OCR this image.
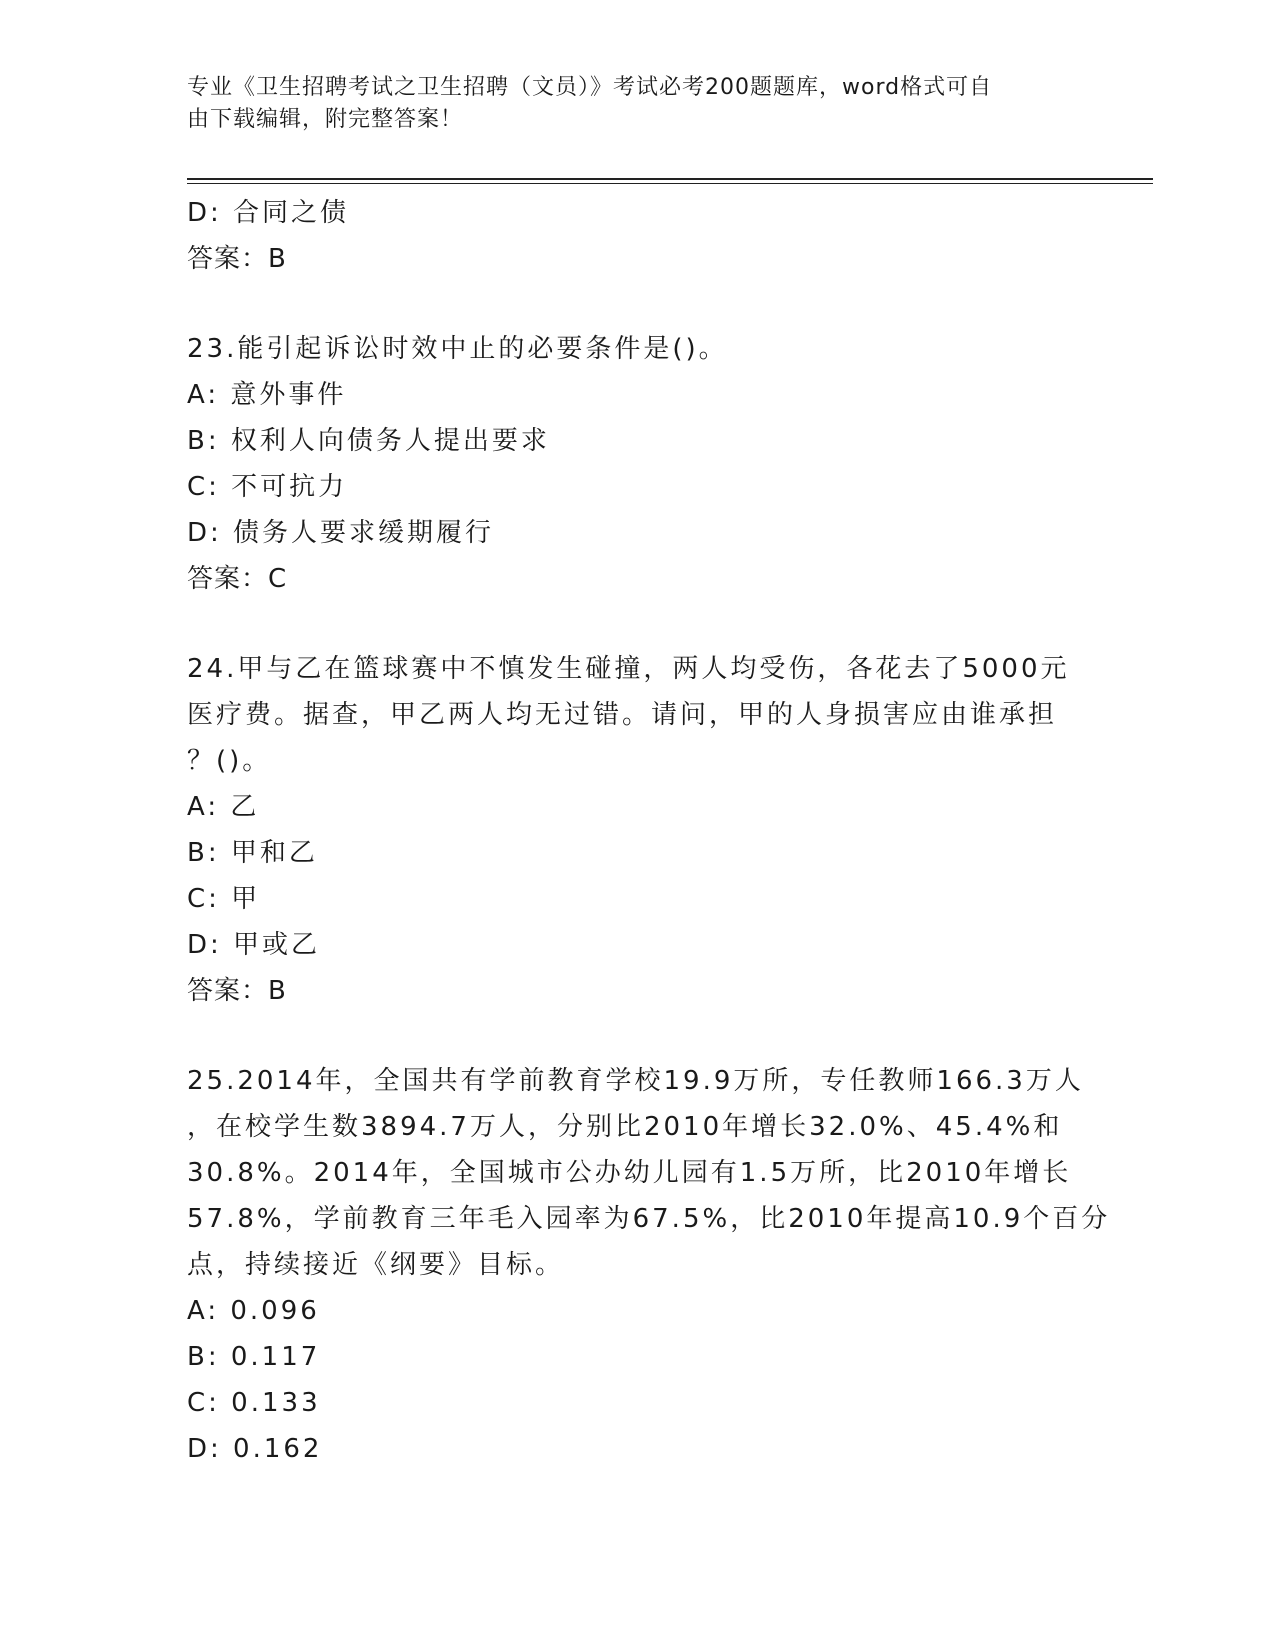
专业《卫生招聘考试之卫生招聘（文员）》考试必考200题题库，word格式可自
由下载编辑，附完整答案！
D: 合同之债
答案：B
23.能引起诉讼时效中止的必要条件是()。
A: 意外事件
B: 权利人向债务人提出要求
C: 不可抗力
D: 债务人要求缓期履行
答案：C
24.甲与乙在篮球赛中不慎发生碰撞，两人均受伤，各花去了5000元
医疗费。据查，甲乙两人均无过错。请问，甲的人身损害应由谁承担
？()。
A: 乙
B: 甲和乙
C: 甲
D: 甲或乙
答案：B
25.2014年，全国共有学前教育学校19.9万所，专任教师166.3万人
，在校学生数3894.7万人，分别比2010年增长32.0%、45.4%和
30.8%。2014年，全国城市公办幼儿园有1.5万所，比2010年增长
57.8%，学前教育三年毛入园率为67.5%，比2010年提高10.9个百分
点，持续接近《纲要》目标。
A: 0.096
B: 0.117
C: 0.133
D: 0.162
